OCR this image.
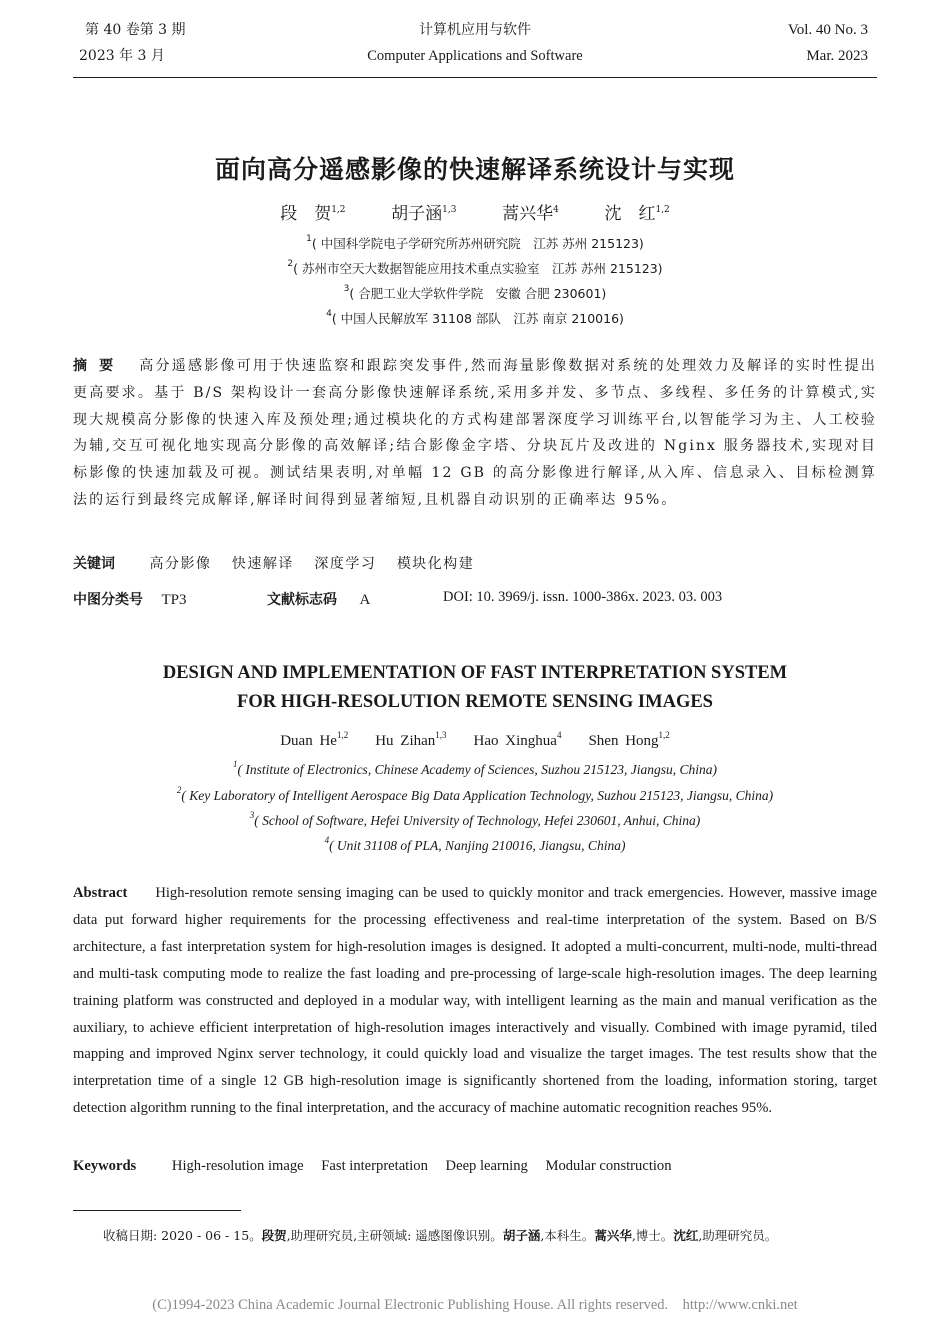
第 40 卷第 3 期
2023 年 3 月
计算机应用与软件
Computer Applications and Software
Vol. 40 No. 3
Mar. 2023
面向高分遥感影像的快速解译系统设计与实现
段　贺$^{1,2}$	胡子涵$^{1,3}$	蒿兴华$^4$	沈　红$^{1,2}$
$^1$( 中国科学院电子学研究所苏州研究院　江苏 苏州 215123)
$^2$( 苏州市空天大数据智能应用技术重点实验室　江苏 苏州 215123)
$^3$( 合肥工业大学软件学院　安徽 合肥 230601)
$^4$( 中国人民解放军 31108 部队　江苏 南京 210016)
摘要 高分遥感影像可用于快速监察和跟踪突发事件,然而海量影像数据对系统的处理效力及解译的实时性提出更高要求。基于 B/S 架构设计一套高分影像快速解译系统,采用多并发、多节点、多线程、多任务的计算模式,实现大规模高分影像的快速入库及预处理;通过模块化的方式构建部署深度学习训练平台,以智能学习为主、人工校验为辅,交互可视化地实现高分影像的高效解译;结合影像金字塔、分块瓦片及改进的 Nginx 服务器技术,实现对目标影像的快速加载及可视。测试结果表明,对单幅 12 GB 的高分影像进行解译,从入库、信息录入、目标检测算法的运行到最终完成解译,解译时间得到显著缩短,且机器自动识别的正确率达 95%。
关键词 高分影像 快速解译 深度学习 模块化构建
中图分类号 TP3	文献标志码 A	DOI: 10. 3969/j. issn. 1000-386x. 2023. 03. 003
DESIGN AND IMPLEMENTATION OF FAST INTERPRETATION SYSTEM
FOR HIGH-RESOLUTION REMOTE SENSING IMAGES
Duan He$^{1,2}$ Hu Zihan$^{1,3}$ Hao Xinghua$^4$ Shen Hong$^{1,2}$
$^1$( Institute of Electronics, Chinese Academy of Sciences, Suzhou 215123, Jiangsu, China)
$^2$( Key Laboratory of Intelligent Aerospace Big Data Application Technology, Suzhou 215123, Jiangsu, China)
$^3$( School of Software, Hefei University of Technology, Hefei 230601, Anhui, China)
$^4$( Unit 31108 of PLA, Nanjing 210016, Jiangsu, China)
Abstract High-resolution remote sensing imaging can be used to quickly monitor and track emergencies. However, massive image data put forward higher requirements for the processing effectiveness and real-time interpretation of the system. Based on B/S architecture, a fast interpretation system for high-resolution images is designed. It adopted a multi-concurrent, multi-node, multi-thread and multi-task computing mode to realize the fast loading and pre-processing of large-scale high-resolution images. The deep learning training platform was constructed and deployed in a modular way, with intelligent learning as the main and manual verification as the auxiliary, to achieve efficient interpretation of high-resolution images interactively and visually. Combined with image pyramid, tiled mapping and improved Nginx server technology, it could quickly load and visualize the target images. The test results show that the interpretation time of a single 12 GB high-resolution image is significantly shortened from the loading, information storing, target detection algorithm running to the final interpretation, and the accuracy of machine automatic recognition reaches 95%.
Keywords High-resolution image Fast interpretation Deep learning Modular construction
收稿日期: 2020 - 06 - 15。段贺,助理研究员,主研领域: 遥感图像识别。胡子涵,本科生。蒿兴华,博士。沈红,助理研究员。
(C)1994-2023 China Academic Journal Electronic Publishing House. All rights reserved. http://www.cnki.net
